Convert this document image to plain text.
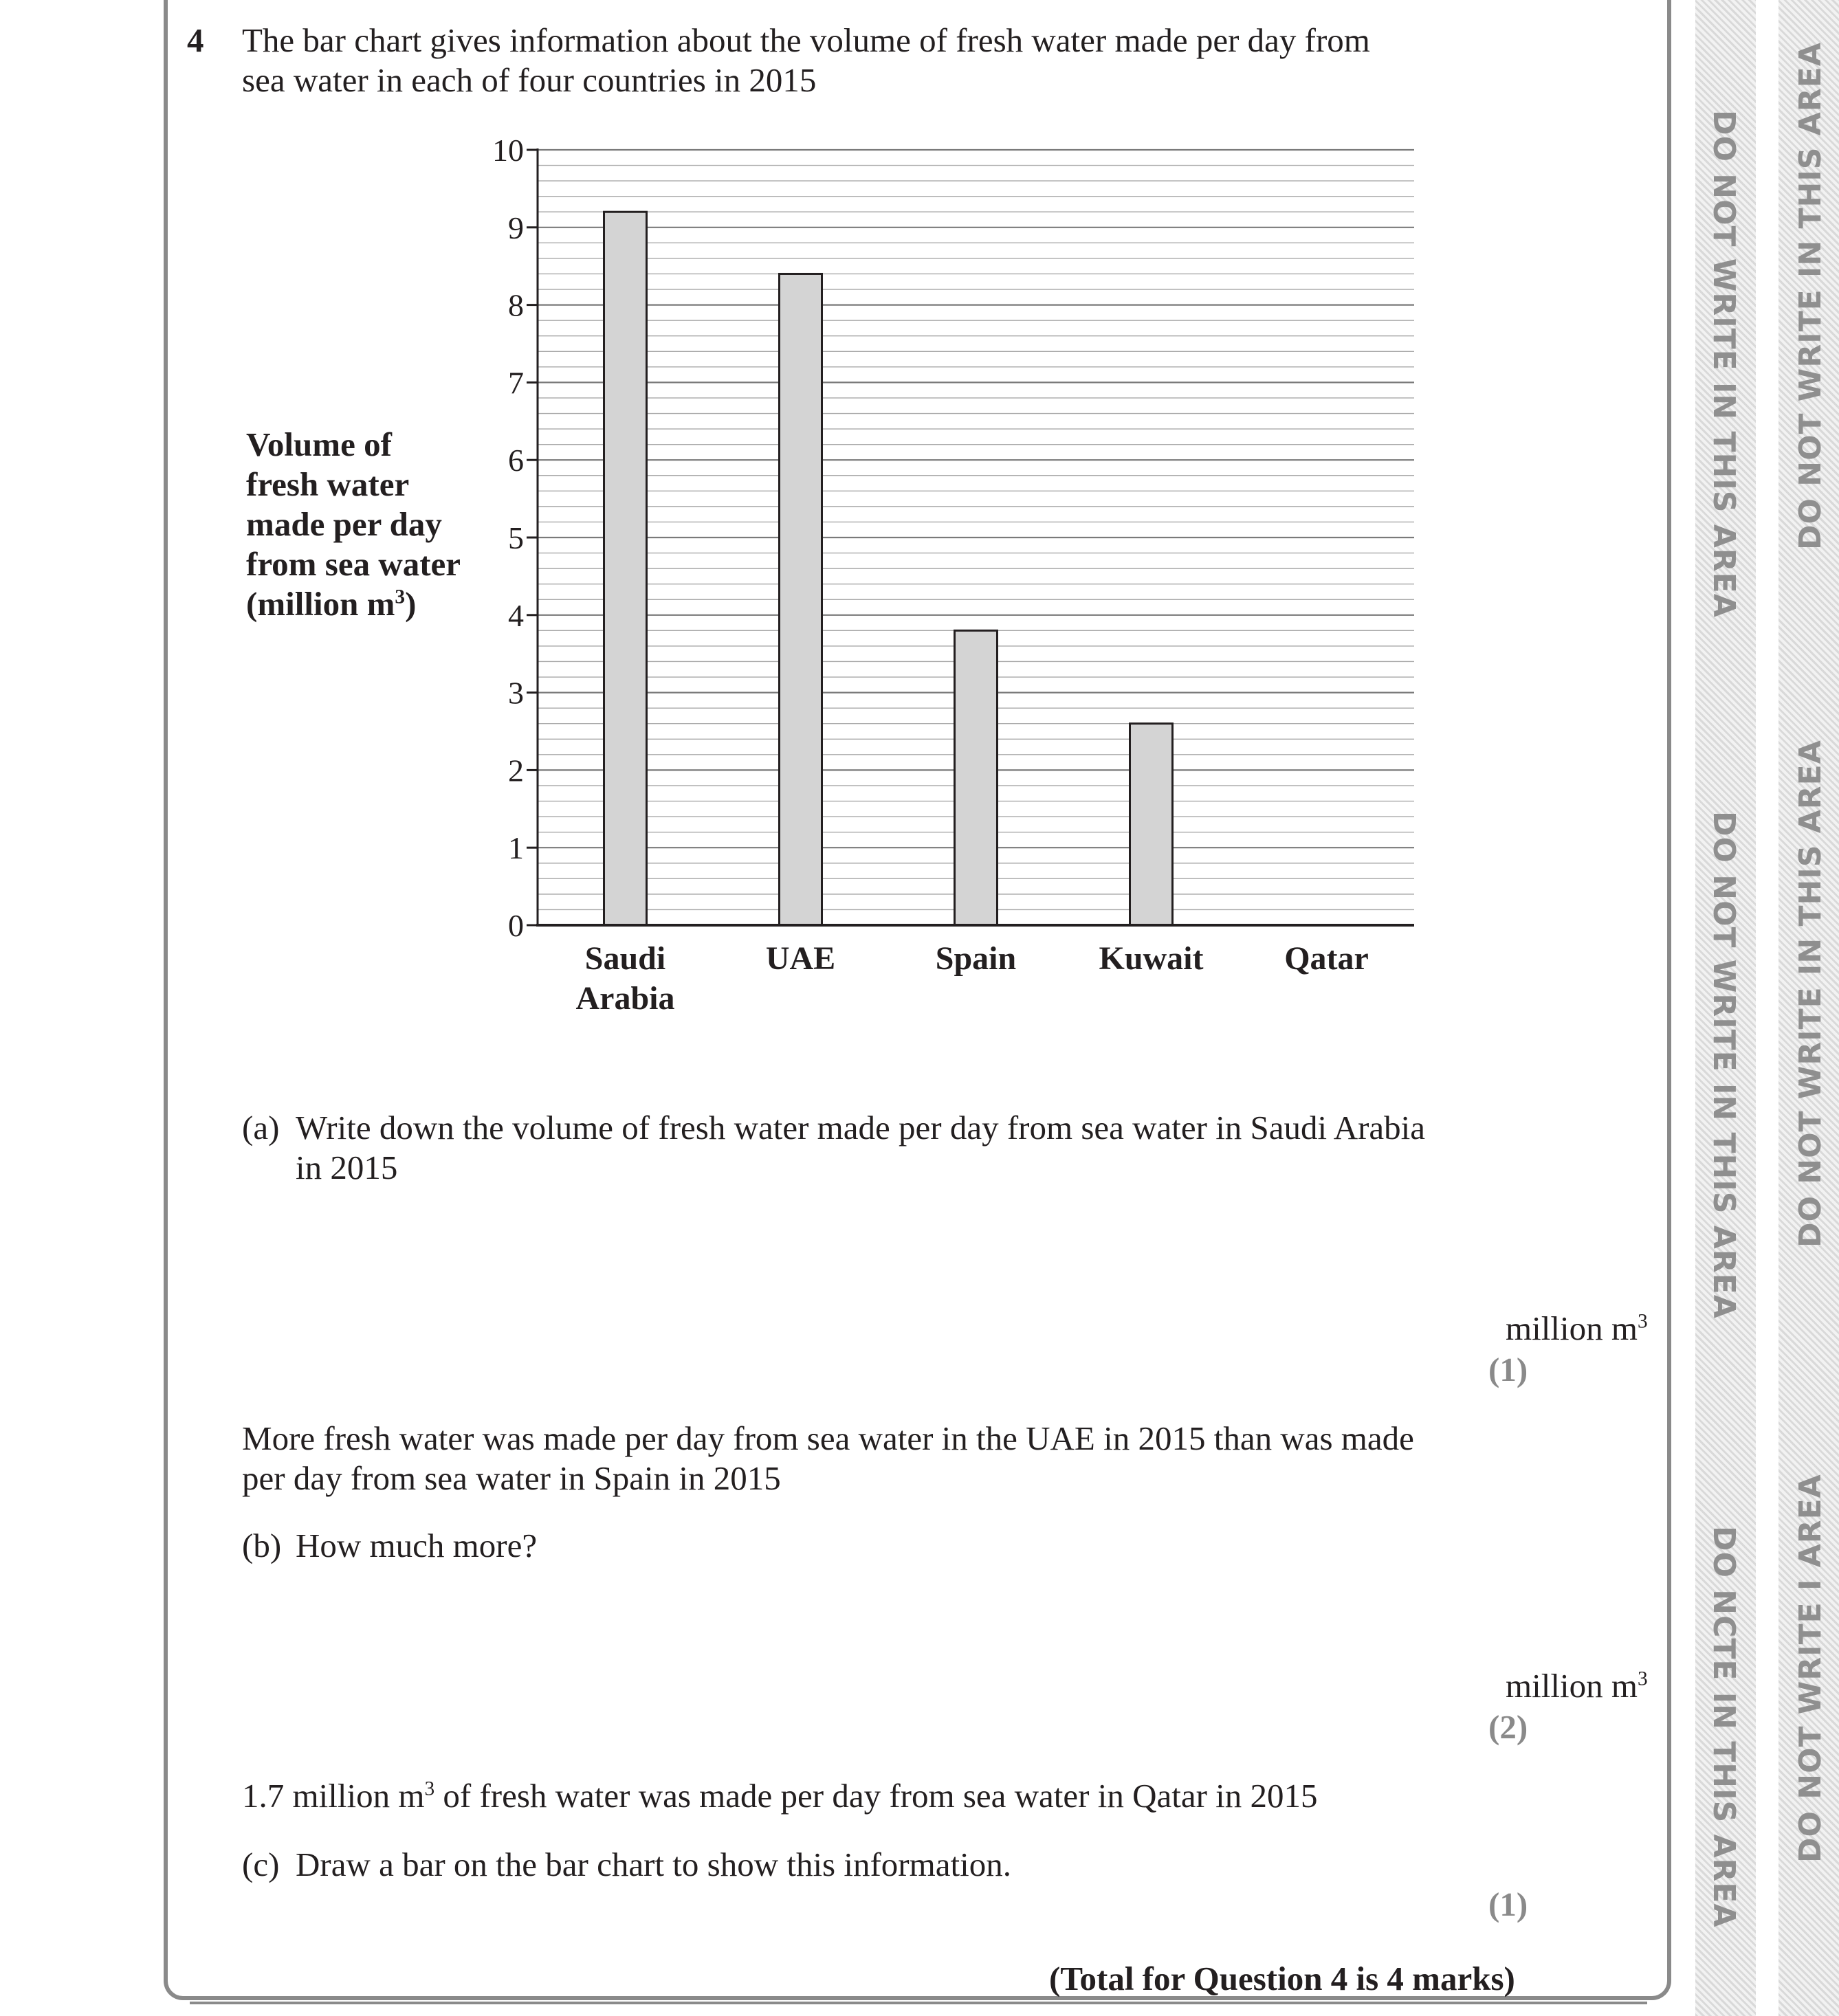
4 The bar chart gives information about the volume of fresh water made per day from
sea water in each of four countries in 2015
Volume of
fresh water
made per day
from sea water
(million $m^3$)
0
1
2
3
4
5
6
7
8
9
10
Saudi
Arabia
UAE	Spain	Kuwait Qatar
(a) Write down the volume of fresh water made per day from sea water in Saudi Arabia
in 2015
million $m^3$
(1)
More fresh water was made per day from sea water in the UAE in 2015 than was made
per day from sea water in Spain in 2015
(b) How much more?
million $m^3$
(2)
1.7 million $m^3$ of fresh water was made per day from sea water in Qatar in 2015
(c) Draw a bar on the bar chart to show this information.
(1)
(Total for Question 4 is 4 marks)
DO NOT WRITE IN THIS AREA
DO NOT WRITE IN THIS AREA
DO NCTE IN THIS AREA
DO NOT WRITE IN THIS AREA
DO NOT WRITE IN THIS AREA
DO NOT WRITE I AREA
